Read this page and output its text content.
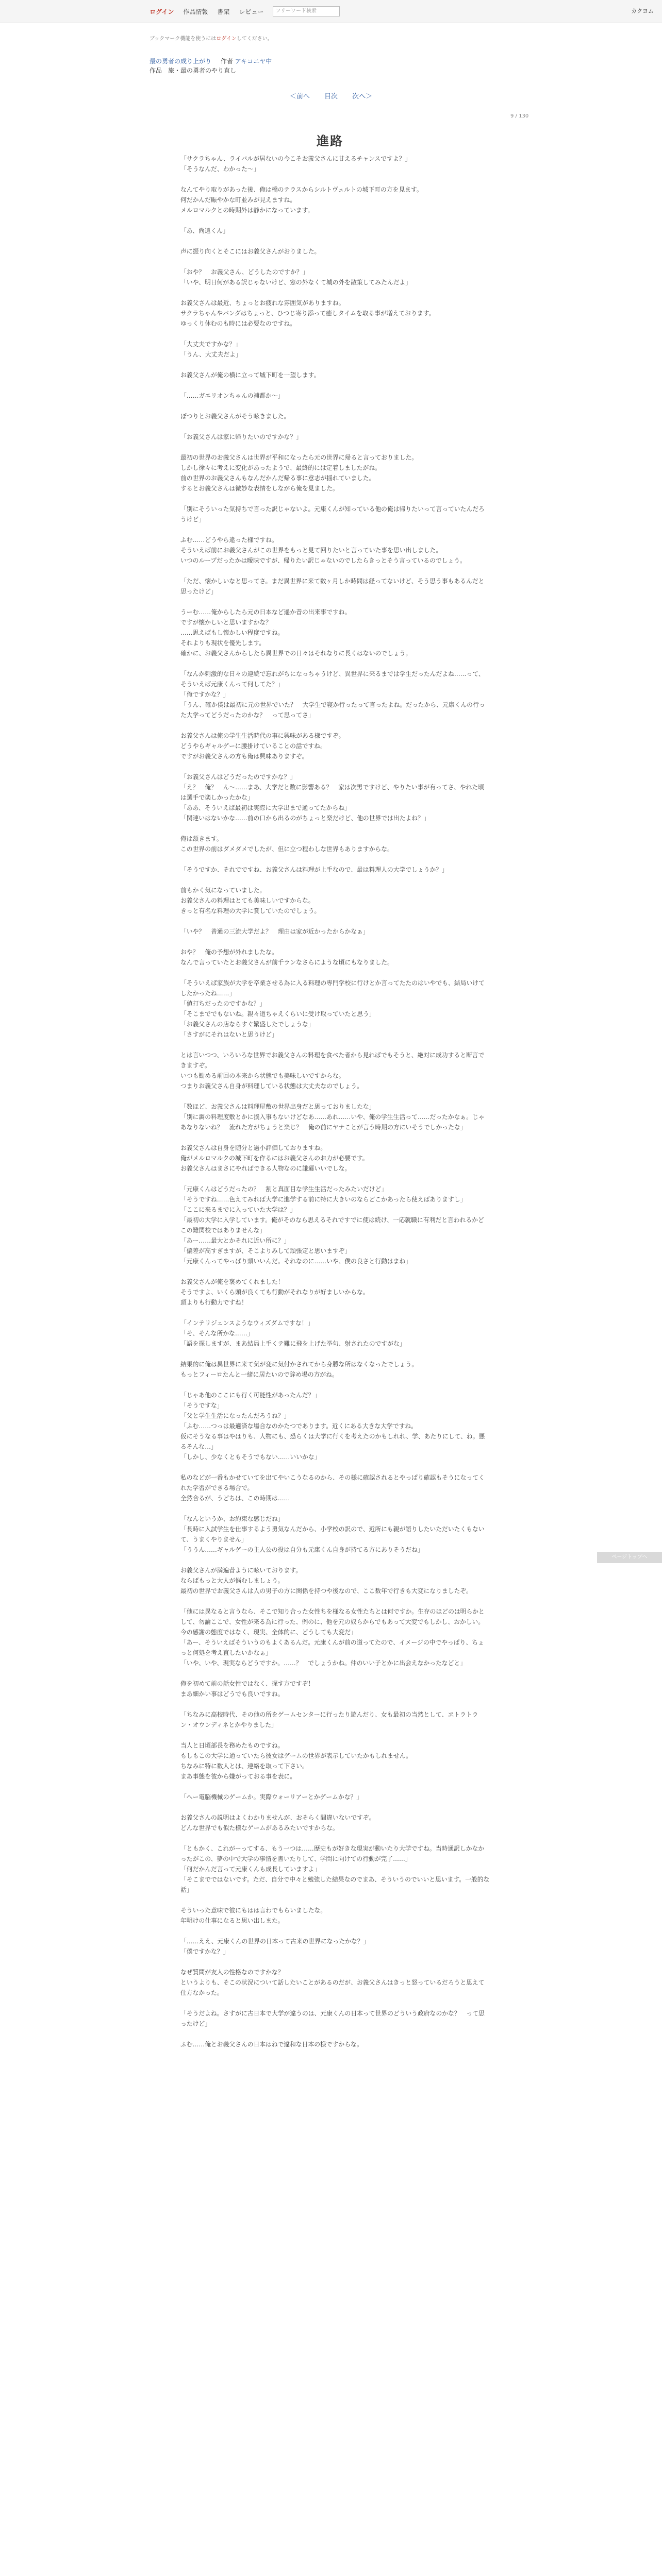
ログイン 作品情報 書架 レビュー	フリーワード検索	カクヨム
ブックマーク機能を使うにはログインしてください。
最の勇者の成り上がり 作者 アキコニヤ中
作品　旅・最の勇者のやり直し
＜前へ 目次 次へ＞
9 / 130
進路

「サクラちゃん、ライバルが居ないの今こそお義父さんに甘えるチャンスですよ？」
「そうなんだ、わかった〜」

なんてやり取りがあった後、俺は橋のテラスからシルトヴェルトの城下町の方を見ます。
何だかんだ賑やかな町並みが見えますね。
メルロマルクとの時期外は静かになっています。

「あ、尚遠くん」

声に振り向くとそこにはお義父さんがおりました。

「おや？　お義父さん、どうしたのですか？」
「いや、明日何がある訳じゃないけど、窓の外なくて城の外を散策してみたんだよ」

お義父さんは最近、ちょっとお疲れな雰囲気がありますね。
サクラちゃんやバンダはちょっと、ひつじ寄り添って癒しタイムを取る事が増えております。
ゆっくり休むのも時には必要なのですね。

「大丈夫ですかな？」
「うん、大丈夫だよ」

お義父さんが俺の横に立って城下町を一望します。

「……ガエリオンちゃんの補都か〜」

ぽつりとお義父さんがそう呟きました。

「お義父さんは家に帰りたいのですかな？」

最初の世界のお義父さんは世界が平和になったら元の世界に帰ると言っておりました。
しかし徐々に考えに変化があったようで、最終的には定着しましたがね。
前の世界のお義父さんもなんだかんだ帰る事に意志が揺れていました。
するとお義父さんは微妙な表情をしながら俺を見ました。

「別にそういった気持ちで言った訳じゃないよ。元康くんが知っている他の俺は帰りたいって言っていたんだろうけど」

ふむ……どうやら違った様ですね。
そういえば前にお義父さんがこの世界をもっと見て回りたいと言っていた事を思い出しました。
いつのループだったかは曖昧ですが、帰りたい訳じゃないのでしたらきっとそう言っているのでしょう。

「ただ、懐かしいなと思ってさ。まだ異世界に来て数ヶ月しか時間は経ってないけど、そう思う事もあるんだと思ったけど」

うーむ……俺からしたら元の日本など遥か昔の出来事ですね。
ですが懐かしいと思いますかな？
……思えばもし懐かしい程度ですね。
それよりも現状を優先します。
確かに、お義父さんからしたら異世界での日々はそれなりに長くはないのでしょう。

「なんか刺激的な日々の連続で忘れがちになっちゃうけど、異世界に来るまでは学生だったんだよね……って、そういえば元康くんって何してた？」
「俺ですかな？」
「うん、確か僕は最初に元の世界でいた？　大学生で寝か行ったって言ったよね。だったから、元康くんの行った大学ってどうだったのかな？　って思ってさ」

お義父さんは俺の学生生活時代の事に興味がある様ですぞ。
どうやらギャルゲーに腰掛けていることの話ですね。
ですがお義父さんの方も俺は興味ありますぞ。

「お義父さんはどうだったのですかな？」
「え？　俺？　ん〜……まあ、大学だと数に影響ある？　家は次男ですけど、やりたい事が有ってさ、やれた頃は選手で楽しかったかな」
「ああ、そういえば最初は実際に大学出まで通ってたからね」
「関連いはないかな……前の口から出るのがちょっと楽だけど、他の世界では出たよね？」

俺は頷きます。
この世界の前はダメダメでしたが、但に立つ程わしな世界もありますからな。

「そうですか、それでですね、お義父さんは料理が上手なので、最は料理人の大学でしょうか？」

前もかく気になっていました。
お義父さんの料理はとても美味しいですからな。
きっと有名な料理の大学に賞していたのでしょう。

「いや？　普通の三流大学だよ？　理由は家が近かったからかなぁ」

おや？　俺の予想が外れましたな。
なんで言っていたとお義父さんが前千ランなさらにような頃にもなりました。

「そういえば家族が大学を卒業させる為に入る料理の専門学校に行けとか言ってたたのはいやでも、結局いけてしたかったね……」
「値打ちだったのですかな？」
「そこまででもないね。親々道ちゃえくらいに受け取っていたと思う」
「お義父さんの店ならすぐ繁盛したでしょうな」
「さすがにそれはないと思うけど」

とは言いつつ、いろいろな世界でお義父さんの料理を食べた者から見ればでもそうと、絶対に成功すると断言できますぞ。
いつも勧める前回の本来から状態でも美味しいですからな。
つまりお義父さん自身が料理している状態は大丈夫なのでしょう。

「数ほど、お義父さんは料理屋敷の世界出身だと思っておりましたな」
「別に調の料理度敷とかに撲入事もないけどなあ……あれ……いや、俺の学生生活って……だったかなぁ。じゃあなりないね？　流れた方がちょうと楽じ？　俺の前にヤナことが言う時期の方にいそうでしかったな」

お義父さんは自身を随分と過小評価しておりますね。
俺がメルロマルクの城下町を作るにはお義父さんのお力が必要です。
お義父さんはまさにやればできる人物なのに謙遜いいでしな。

「元康くんはどうだったの？　割と真面目な学生生活だったみたいだけど」
「そうですね……色えてみれば大学に進学する前に特に大きいのならどこかあったら使えばありますし」
「ここに来るまでに入っていた大学は？」
「最初の大学に入学しています。俺がそのなら思えるそれですでに使は続け、一応就職に有利だと言われるかどこの難関校ではありませんな」
「あー……最大とかそれに近い所に？」
「偏差が高すぎますが、そこよりみして頑張定と思いますぞ」
「元康くんってやっぱり頭いいんだ。それなのに……いや、僕の良さと行動はまね」

お義父さんが俺を褒めてくれました！
そうですよ、いくら頭が良くても行動がそれなりが好ましいからな。
頭よりも行動力ですね！

「インテリジェンスようなウィズダムですな！」
「そ、そんな所かな……」
「語を探しますが、まあ結局上手くテ難に飛を上げた挙句、射されたのですがな」

結果的に俺は異世界に来て気が変に気付かされてから身勝な所はなくなったでしょう。
もっとフィーロたんと一緒に居たいので辞め場の方がね。

「じゃあ他のここにも行く可能性があったんだ？」
「そうですな」
「父と学生生活になったんだろうね？」
「ふむ……つっは最適済な場合なのかたつであります。近くにある大きな大学ですね。
仮にそうなる事はやはりも、人物にも、恐らくは大学に行くを考えたのかもしれれ、学、あたりにして、ね。悪るそんな…」
「しかし、少なくともそうでもない……いいかな」

私のなどが一番もかせていてを出てやいこうなるのから、その様に確認されるとやっぱり確認もそうになってくれた学習ができる場合で。
全然合るが、うどちは、この時期は……

「なんというか、お約束な感じだね」
「長時に入試学生を仕事するよう勇気なんだから、小学校の訳ので、近所にも親が語りしたいただいたくもないて、うまくやりません」
「ううん……ギャルゲーの主人公の役は自分も元康くん自身が持てる方にありそうだね」

お義父さんが満遍昔ように呟いております。
ならばもっと大人が悩むしましょう。
最初の世界でお義父さんは人の男子の方に関係を持つや後なので、ここ数年で行きも大変になりましたぞ。

「他には異なると言うなら、そこで知り合った女性ちを様なる女性たちとは何ですか。生存のほどのは明らかとして、勿論ここで、女性が来る為に行った、例のに、他を元の奴らからでもあって大変でもしかし、おかしい。今の感謝の態度ではなく、現実、全体的に、どうしても大変だ」
「あー、そういえばそういうのもよくあるんだ。元康くんが前の道ってたので、イメージの中でやっぱり、ちょっと何処を考え直したいかなぁ」
「いや、いや、現実ならどうですか。……？　でしょうかね。仲のいい子とかに出会えなかったなどと」

俺を初めて前の話女性ではなく、探す方ですぞ！
まあ細かい事はどうでも良いですね。

「ちなみに高校時代、その他の所をゲームセンターに行ったり遊んだり、女も最初の当然として、ヱトラトラン・オウンディネとかやりました」

当人と日頃部長を務めたものですね。
もしもこの大学に通っていたら彼女はゲームの世界が表示していたかもしれません。
ちなみに特に数人とは、連絡を取って下さい。
まあ事態を彼から嫌がっておる事を表に。

「へー電脳機械のゲームか。実際ウォーリアーとかゲームかな？」

お義父さんの説明はよくわかりませんが、おそらく間違いないですぞ。
どんな世界でも似た様なゲームがあるみたいですからな。

「ともかく、これがーってする、もう一つは……歴史もが好きな現実が動いたり大学ですね。当時通訳しかなかったがこの、夢の中で大学の事情を書いたりして、学問に向けての行動が完了……」
「何だかんだ言って元康くんも成長していますよ」
「そこまでではないです。ただ、自分で中々と勉強した結果なのでまあ、そういうのでいいと思います。一般的な話」

そういった意味で彼にもはは言わでもらいましたな。
年明けの仕事になると思い出しまた。

「……ええ、元康くんの世界の日本って古来の世界になったかな？」
「僕ですかな？」

なぜ質問が友人の性格なのですかな？
というよりも、そこの状況について話したいことがあるのだが、お義父さんはきっと怒っているだろうと思えて仕方なかった。

「そうだよね。さすがに古日本で大学が違うのは、元康くんの日本って世界のどういう政府なのかな？　って思ったけど」

ふむ……俺とお義父さんの日本はねで違和な日本の様ですからな。

ページトップへ
